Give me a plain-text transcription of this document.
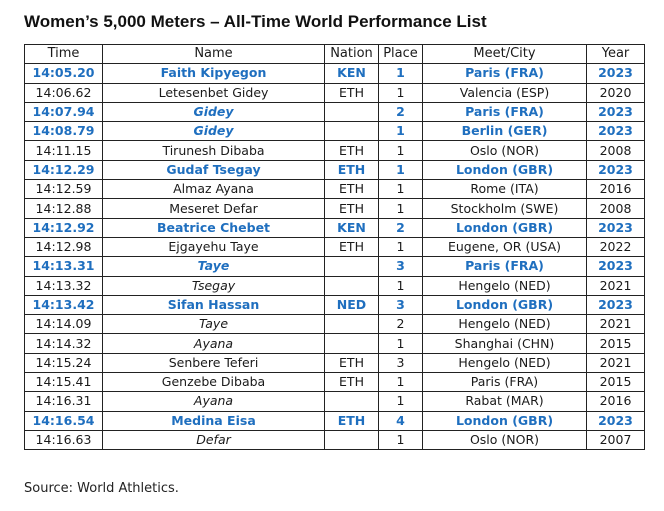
Women’s 5,000 Meters – All-Time World Performance List
Time	Name	Nation	Place	Meet/City	Year
14:05.20	Faith Kipyegon	KEN	1	Paris (FRA)	2023
14:06.62	Letesenbet Gidey	ETH	1	Valencia (ESP)	2020
14:07.94	Gidey		2	Paris (FRA)	2023
14:08.79	Gidey		1	Berlin (GER)	2023
14:11.15	Tirunesh Dibaba	ETH	1	Oslo (NOR)	2008
14:12.29	Gudaf Tsegay	ETH	1	London (GBR)	2023
14:12.59	Almaz Ayana	ETH	1	Rome (ITA)	2016
14:12.88	Meseret Defar	ETH	1	Stockholm (SWE)	2008
14:12.92	Beatrice Chebet	KEN	2	London (GBR)	2023
14:12.98	Ejgayehu Taye	ETH	1	Eugene, OR (USA)	2022
14:13.31	Taye		3	Paris (FRA)	2023
14:13.32	Tsegay		1	Hengelo (NED)	2021
14:13.42	Sifan Hassan	NED	3	London (GBR)	2023
14:14.09	Taye		2	Hengelo (NED)	2021
14:14.32	Ayana		1	Shanghai (CHN)	2015
14:15.24	Senbere Teferi	ETH	3	Hengelo (NED)	2021
14:15.41	Genzebe Dibaba	ETH	1	Paris (FRA)	2015
14:16.31	Ayana		1	Rabat (MAR)	2016
14:16.54	Medina Eisa	ETH	4	London (GBR)	2023
14:16.63	Defar		1	Oslo (NOR)	2007

Source: World Athletics.
